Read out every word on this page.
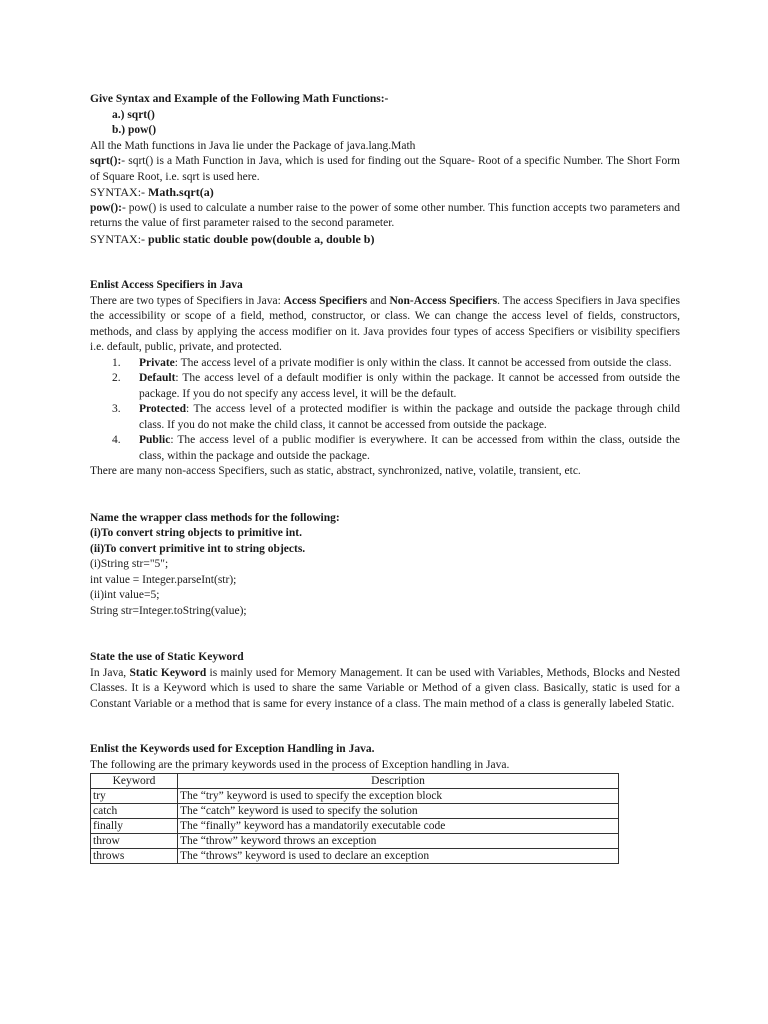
Give Syntax and Example of the Following Math Functions:-

a.) sqrt()

b.) pow()

All the Math functions in Java lie under the Package of java.lang.Math

sqrt():- sqrt() is a Math Function in Java, which is used for finding out the Square- Root of a specific Number. The Short Form of Square Root, i.e. sqrt is used here.

SYNTAX:- Math.sqrt(a)

pow():- pow() is used to calculate a number raise to the power of some other number. This function accepts two parameters and returns the value of first parameter raised to the second parameter.

SYNTAX:- public static double pow(double a, double b)

Enlist Access Specifiers in Java

There are two types of Specifiers in Java: Access Specifiers and Non-Access Specifiers. The access Specifiers in Java specifies the accessibility or scope of a field, method, constructor, or class. We can change the access level of fields, constructors, methods, and class by applying the access modifier on it. Java provides four types of access Specifiers or visibility specifiers i.e. default, public, private, and protected.

1. Private: The access level of a private modifier is only within the class. It cannot be accessed from outside the class.
2. Default: The access level of a default modifier is only within the package. It cannot be accessed from outside the package. If you do not specify any access level, it will be the default.
3. Protected: The access level of a protected modifier is within the package and outside the package through child class. If you do not make the child class, it cannot be accessed from outside the package.
4. Public: The access level of a public modifier is everywhere. It can be accessed from within the class, outside the class, within the package and outside the package.

There are many non-access Specifiers, such as static, abstract, synchronized, native, volatile, transient, etc.

Name the wrapper class methods for the following:

(i)To convert string objects to primitive int.

(ii)To convert primitive int to string objects.

(i)String str="5";

int value = Integer.parseInt(str);

(ii)int value=5;

String str=Integer.toString(value);

State the use of Static Keyword

In Java, Static Keyword is mainly used for Memory Management. It can be used with Variables, Methods, Blocks and Nested Classes. It is a Keyword which is used to share the same Variable or Method of a given class. Basically, static is used for a Constant Variable or a method that is same for every instance of a class. The main method of a class is generally labeled Static.

Enlist the Keywords used for Exception Handling in Java.

The following are the primary keywords used in the process of Exception handling in Java.

Keyword	Description
try	The “try” keyword is used to specify the exception block
catch	The “catch” keyword is used to specify the solution
finally	The “finally” keyword has a mandatorily executable code
throw	The “throw” keyword throws an exception
throws	The “throws” keyword is used to declare an exception
